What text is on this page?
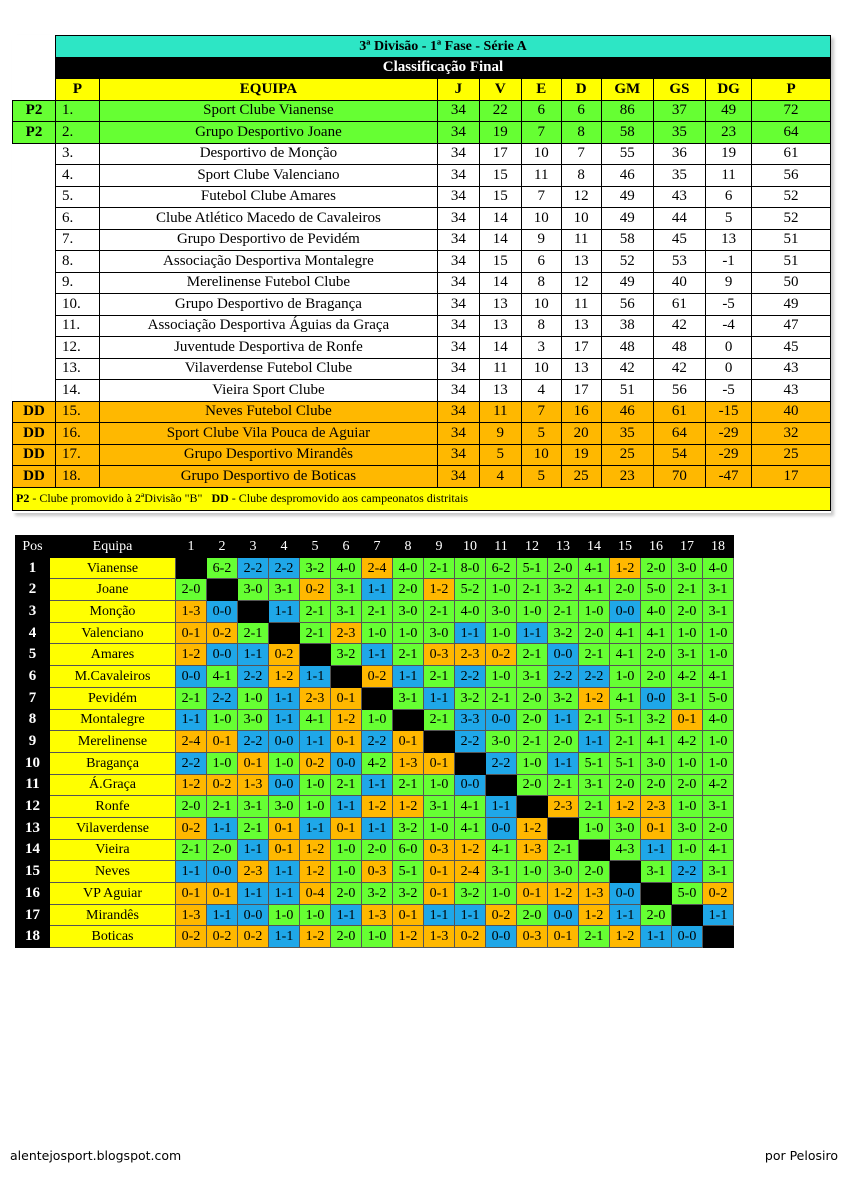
	3ª Divisão - 1ª Fase - Série A									
	Classificação Final									
	P	EQUIPA	J	V	E	D	GM	GS	DG	P
P2	1.	Sport Clube Vianense	34	22	6	6	86	37	49	72
P2	2.	Grupo Desportivo Joane	34	19	7	8	58	35	23	64
	3.	Desportivo de Monção	34	17	10	7	55	36	19	61
	4.	Sport Clube Valenciano	34	15	11	8	46	35	11	56
	5.	Futebol Clube Amares	34	15	7	12	49	43	6	52
	6.	Clube Atlético Macedo de Cavaleiros	34	14	10	10	49	44	5	52
	7.	Grupo Desportivo de Pevidém	34	14	9	11	58	45	13	51
	8.	Associação Desportiva Montalegre	34	15	6	13	52	53	-1	51
	9.	Merelinense Futebol Clube	34	14	8	12	49	40	9	50
	10.	Grupo Desportivo de Bragança	34	13	10	11	56	61	-5	49
	11.	Associação Desportiva Águias da Graça	34	13	8	13	38	42	-4	47
	12.	Juventude Desportiva de Ronfe	34	14	3	17	48	48	0	45
	13.	Vilaverdense Futebol Clube	34	11	10	13	42	42	0	43
	14.	Vieira Sport Clube	34	13	4	17	51	56	-5	43
DD	15.	Neves Futebol Clube	34	11	7	16	46	61	-15	40
DD	16.	Sport Clube Vila Pouca de Aguiar	34	9	5	20	35	64	-29	32
DD	17.	Grupo Desportivo Mirandês	34	5	10	19	25	54	-29	25
DD	18.	Grupo Desportivo de Boticas	34	4	5	25	23	70	-47	17
P2 - Clube promovido à 2ªDivisão "B" DD - Clube despromovido aos campeonatos distritais										
Pos	Equipa	1	2	3	4	5	6	7	8	9	10	11	12	13	14	15	16	17	18
1	Vianense		6-2	2-2	2-2	3-2	4-0	2-4	4-0	2-1	8-0	6-2	5-1	2-0	4-1	1-2	2-0	3-0	4-0
2	Joane	2-0		3-0	3-1	0-2	3-1	1-1	2-0	1-2	5-2	1-0	2-1	3-2	4-1	2-0	5-0	2-1	3-1
3	Monção	1-3	0-0		1-1	2-1	3-1	2-1	3-0	2-1	4-0	3-0	1-0	2-1	1-0	0-0	4-0	2-0	3-1
4	Valenciano	0-1	0-2	2-1		2-1	2-3	1-0	1-0	3-0	1-1	1-0	1-1	3-2	2-0	4-1	4-1	1-0	1-0
5	Amares	1-2	0-0	1-1	0-2		3-2	1-1	2-1	0-3	2-3	0-2	2-1	0-0	2-1	4-1	2-0	3-1	1-0
6	M.Cavaleiros	0-0	4-1	2-2	1-2	1-1		0-2	1-1	2-1	2-2	1-0	3-1	2-2	2-2	1-0	2-0	4-2	4-1
7	Pevidém	2-1	2-2	1-0	1-1	2-3	0-1		3-1	1-1	3-2	2-1	2-0	3-2	1-2	4-1	0-0	3-1	5-0
8	Montalegre	1-1	1-0	3-0	1-1	4-1	1-2	1-0		2-1	3-3	0-0	2-0	1-1	2-1	5-1	3-2	0-1	4-0
9	Merelinense	2-4	0-1	2-2	0-0	1-1	0-1	2-2	0-1		2-2	3-0	2-1	2-0	1-1	2-1	4-1	4-2	1-0
10	Bragança	2-2	1-0	0-1	1-0	0-2	0-0	4-2	1-3	0-1		2-2	1-0	1-1	5-1	5-1	3-0	1-0	1-0
11	Á.Graça	1-2	0-2	1-3	0-0	1-0	2-1	1-1	2-1	1-0	0-0		2-0	2-1	3-1	2-0	2-0	2-0	4-2
12	Ronfe	2-0	2-1	3-1	3-0	1-0	1-1	1-2	1-2	3-1	4-1	1-1		2-3	2-1	1-2	2-3	1-0	3-1
13	Vilaverdense	0-2	1-1	2-1	0-1	1-1	0-1	1-1	3-2	1-0	4-1	0-0	1-2		1-0	3-0	0-1	3-0	2-0
14	Vieira	2-1	2-0	1-1	0-1	1-2	1-0	2-0	6-0	0-3	1-2	4-1	1-3	2-1		4-3	1-1	1-0	4-1
15	Neves	1-1	0-0	2-3	1-1	1-2	1-0	0-3	5-1	0-1	2-4	3-1	1-0	3-0	2-0		3-1	2-2	3-1
16	VP Aguiar	0-1	0-1	1-1	1-1	0-4	2-0	3-2	3-2	0-1	3-2	1-0	0-1	1-2	1-3	0-0		5-0	0-2
17	Mirandês	1-3	1-1	0-0	1-0	1-0	1-1	1-3	0-1	1-1	1-1	0-2	2-0	0-0	1-2	1-1	2-0		1-1
18	Boticas	0-2	0-2	0-2	1-1	1-2	2-0	1-0	1-2	1-3	0-2	0-0	0-3	0-1	2-1	1-2	1-1	0-0	
alentejosport.blogspot.com	por Pelosiro
